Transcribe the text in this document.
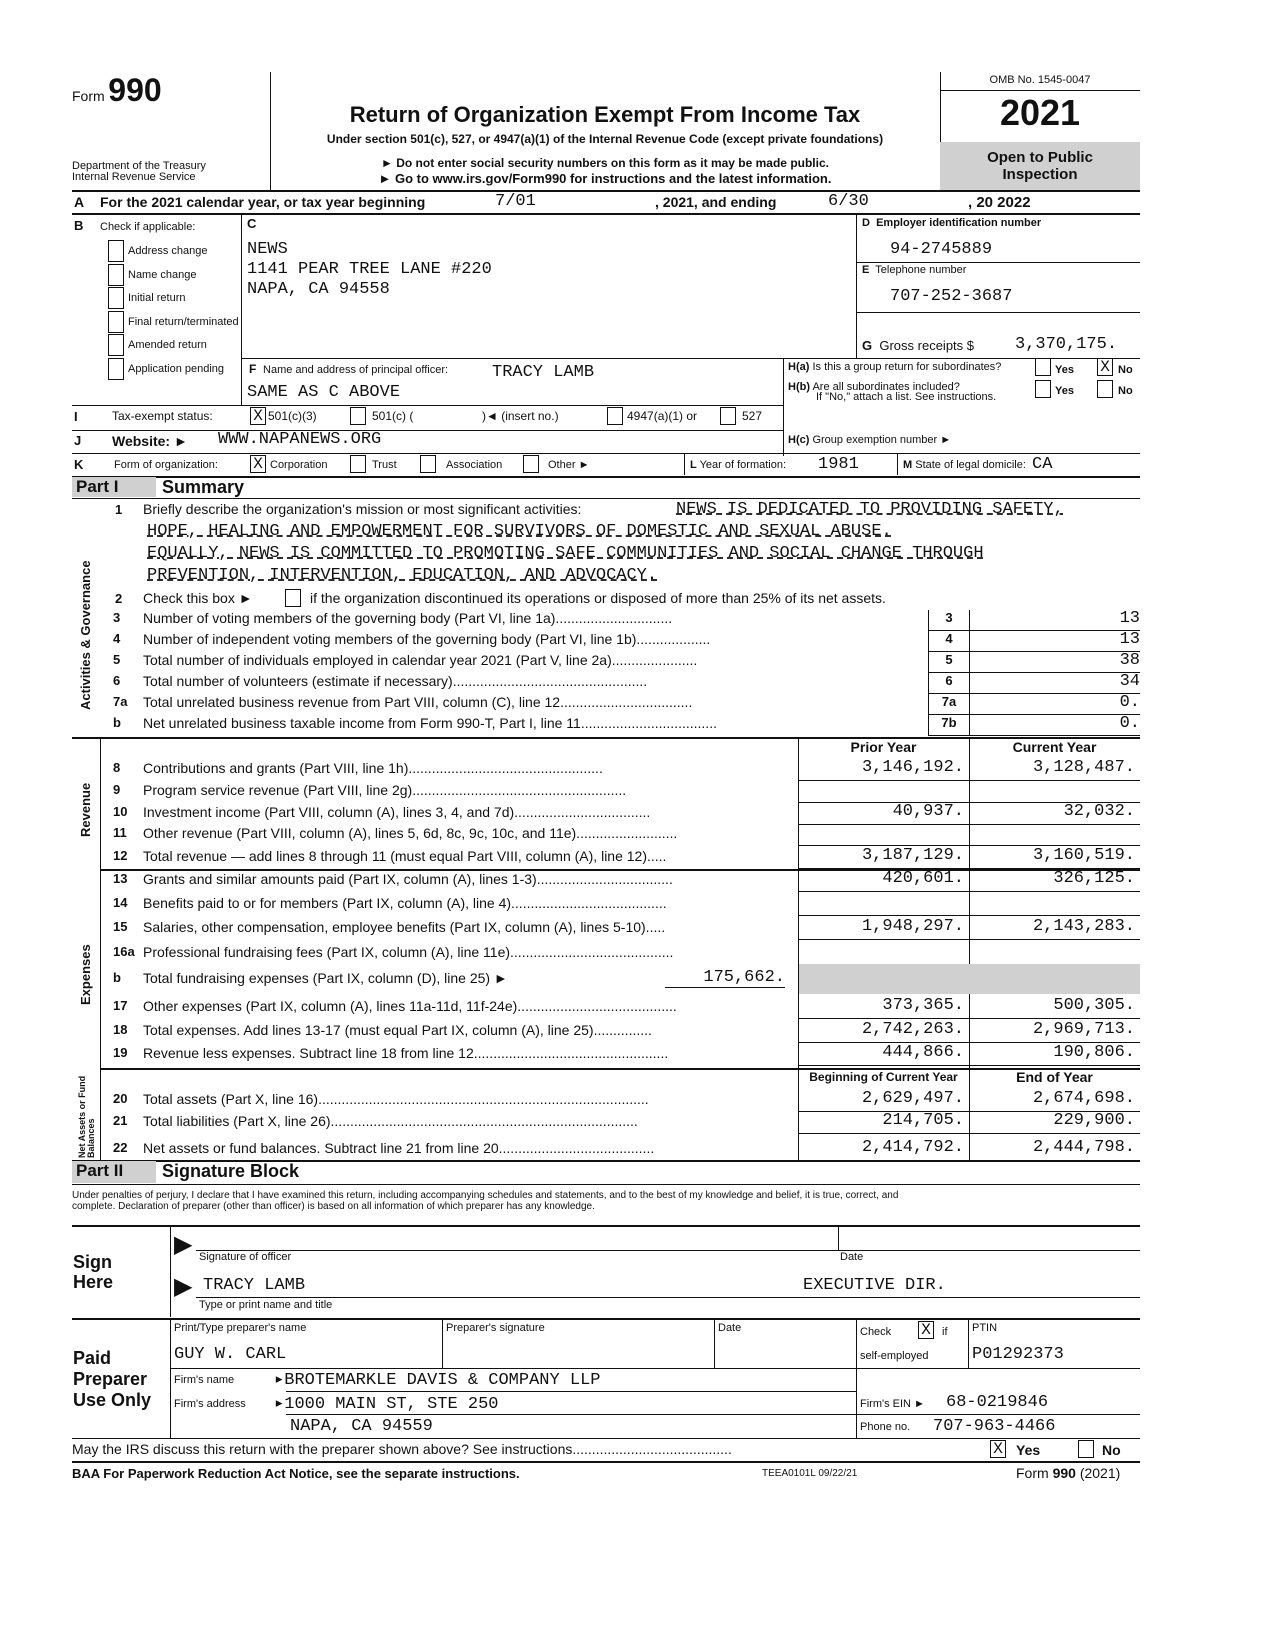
Form 990
Department of the Treasury
Internal Revenue Service
Return of Organization Exempt From Income Tax
Under section 501(c), 527, or 4947(a)(1) of the Internal Revenue Code (except private foundations)
► Do not enter social security numbers on this form as it may be made public.
► Go to www.irs.gov/Form990 for instructions and the latest information.
OMB No. 1545-0047
2021
Open to Public
Inspection
A For the 2021 calendar year, or tax year beginning	7/01	, 2021, and ending	6/30	, 20 2022
B Check if applicable:
Address change
Name change
Initial return
Final return/terminated
Amended return
Application pending
C
NEWS
1141 PEAR TREE LANE #220
NAPA, CA 94558
D Employer identification number
94-2745889
E Telephone number
707-252-3687
G Gross receipts $ 3,370,175.
F Name and address of principal officer:	TRACY LAMB
SAME AS C ABOVE
H(a) Is this a group return for subordinates?	Yes X No
H(b) Are all subordinates included?
If "No," attach a list. See instructions.	Yes	No
I	Tax-exempt status:	X 501(c)(3)	501(c) (	)◄ (insert no.)	4947(a)(1) or	527
J Website: ► WWW.NAPANEWS.ORG	H(c) Group exemption number ►
K	Form of organization: X Corporation	Trust	Association	Other ►	L Year of formation: 1981	M State of legal domicile: CA
Part I	Summary
1 Briefly describe the organization's mission or most significant activities:	NEWS IS DEDICATED TO PROVIDING SAFETY,
HOPE, HEALING AND EMPOWERMENT FOR SURVIVORS OF DOMESTIC AND SEXUAL ABUSE.
EQUALLY, NEWS IS COMMITTED TO PROMOTING SAFE COMMUNITIES AND SOCIAL CHANGE THROUGH
PREVENTION, INTERVENTION, EDUCATION, AND ADVOCACY.
2 Check this box ►	if the organization discontinued its operations or disposed of more than 25% of its net assets.
Activities & Governance
Revenue
Expenses
Net Assets or Fund Balances
3 Number of voting members of the governing body (Part VI, line 1a)..............................	3	13
4 Number of independent voting members of the governing body (Part VI, line 1b)...................	4	13
5 Total number of individuals employed in calendar year 2021 (Part V, line 2a)......................	5	38
6 Total number of volunteers (estimate if necessary)..................................................	6	34
7a Total unrelated business revenue from Part VIII, column (C), line 12..................................	7a	0.
b Net unrelated business taxable income from Form 990-T, Part I, line 11...................................	7b	0.
Prior Year	Current Year
8 Contributions and grants (Part VIII, line 1h)..................................................	3,146,192.	3,128,487.
9 Program service revenue (Part VIII, line 2g).......................................................
10 Investment income (Part VIII, column (A), lines 3, 4, and 7d)...................................	40,937.	32,032.
11 Other revenue (Part VIII, column (A), lines 5, 6d, 8c, 9c, 10c, and 11e)..........................
12 Total revenue — add lines 8 through 11 (must equal Part VIII, column (A), line 12).....	3,187,129.	3,160,519.
13 Grants and similar amounts paid (Part IX, column (A), lines 1-3)...................................	420,601.	326,125.
14 Benefits paid to or for members (Part IX, column (A), line 4)........................................
15 Salaries, other compensation, employee benefits (Part IX, column (A), lines 5-10).....	1,948,297.	2,143,283.
16a Professional fundraising fees (Part IX, column (A), line 11e)..........................................
b Total fundraising expenses (Part IX, column (D), line 25) ►	175,662.
17 Other expenses (Part IX, column (A), lines 11a-11d, 11f-24e).........................................	373,365.	500,305.
18 Total expenses. Add lines 13-17 (must equal Part IX, column (A), line 25)...............	2,742,263.	2,969,713.
19 Revenue less expenses. Subtract line 18 from line 12..................................................	444,866.	190,806.
Beginning of Current Year	End of Year
20 Total assets (Part X, line 16).....................................................................................	2,629,497.	2,674,698.
21 Total liabilities (Part X, line 26)...............................................................................	214,705.	229,900.
22 Net assets or fund balances. Subtract line 21 from line 20........................................	2,414,792.	2,444,798.
Part II	Signature Block
Under penalties of perjury, I declare that I have examined this return, including accompanying schedules and statements, and to the best of my knowledge and belief, it is true, correct, and
complete. Declaration of preparer (other than officer) is based on all information of which preparer has any knowledge.
Sign
Here
▶
▶
Signature of officer	Date
TRACY LAMB	EXECUTIVE DIR.
Type or print name and title
Paid
Preparer
Use Only
Print/Type preparer's name	Preparer's signature	Date	Check X if
self-employed
PTIN
GUY W. CARL	P01292373
Firm's name ▸BROTEMARKLE DAVIS & COMPANY LLP
Firm's address ▸1000 MAIN ST, STE 250	Firm's EIN ► 68-0219846
NAPA, CA 94559	Phone no. 707-963-4466
May the IRS discuss this return with the preparer shown above? See instructions.........................................	X Yes	No
BAA For Paperwork Reduction Act Notice, see the separate instructions.	TEEA0101L 09/22/21	Form 990 (2021)
